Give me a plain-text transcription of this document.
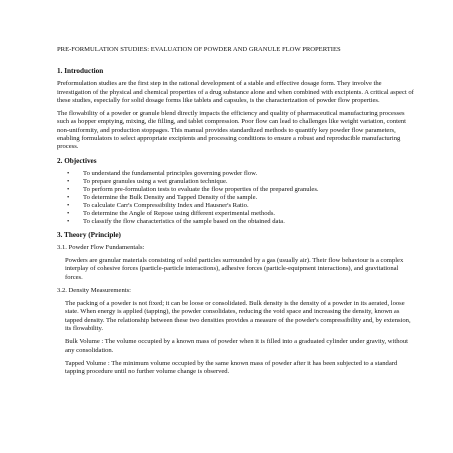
PRE-FORMULATION STUDIES: EVALUATION OF POWDER AND GRANULE FLOW PROPERTIES

1. Introduction

Preformulation studies are the first step in the rational development of a stable and effective dosage form. They involve the investigation of the physical and chemical properties of a drug substance alone and when combined with excipients. A critical aspect of these studies, especially for solid dosage forms like tablets and capsules, is the characterization of powder flow properties.

The flowability of a powder or granule blend directly impacts the efficiency and quality of pharmaceutical manufacturing processes such as hopper emptying, mixing, die filling, and tablet compression. Poor flow can lead to challenges like weight variation, content non-uniformity, and production stoppages. This manual provides standardized methods to quantify key powder flow parameters, enabling formulators to select appropriate excipients and processing conditions to ensure a robust and reproducible manufacturing process.

2. Objectives
• To understand the fundamental principles governing powder flow.
• To prepare granules using a wet granulation technique.
• To perform pre-formulation tests to evaluate the flow properties of the prepared granules.
• To determine the Bulk Density and Tapped Density of the sample.
• To calculate Carr's Compressibility Index and Hausner's Ratio.
• To determine the Angle of Repose using different experimental methods.
• To classify the flow characteristics of the sample based on the obtained data.
3. Theory (Principle)

3.1. Powder Flow Fundamentals:

Powders are granular materials consisting of solid particles surrounded by a gas (usually air). Their flow behaviour is a complex interplay of cohesive forces (particle-particle interactions), adhesive forces (particle-equipment interactions), and gravitational forces.

3.2. Density Measurements:

The packing of a powder is not fixed; it can be loose or consolidated. Bulk density is the density of a powder in its aerated, loose state. When energy is applied (tapping), the powder consolidates, reducing the void space and increasing the density, known as tapped density. The relationship between these two densities provides a measure of the powder's compressibility and, by extension, its flowability.

Bulk Volume : The volume occupied by a known mass of powder when it is filled into a graduated cylinder under gravity, without any consolidation.

Tapped Volume : The minimum volume occupied by the same known mass of powder after it has been subjected to a standard tapping procedure until no further volume change is observed.
